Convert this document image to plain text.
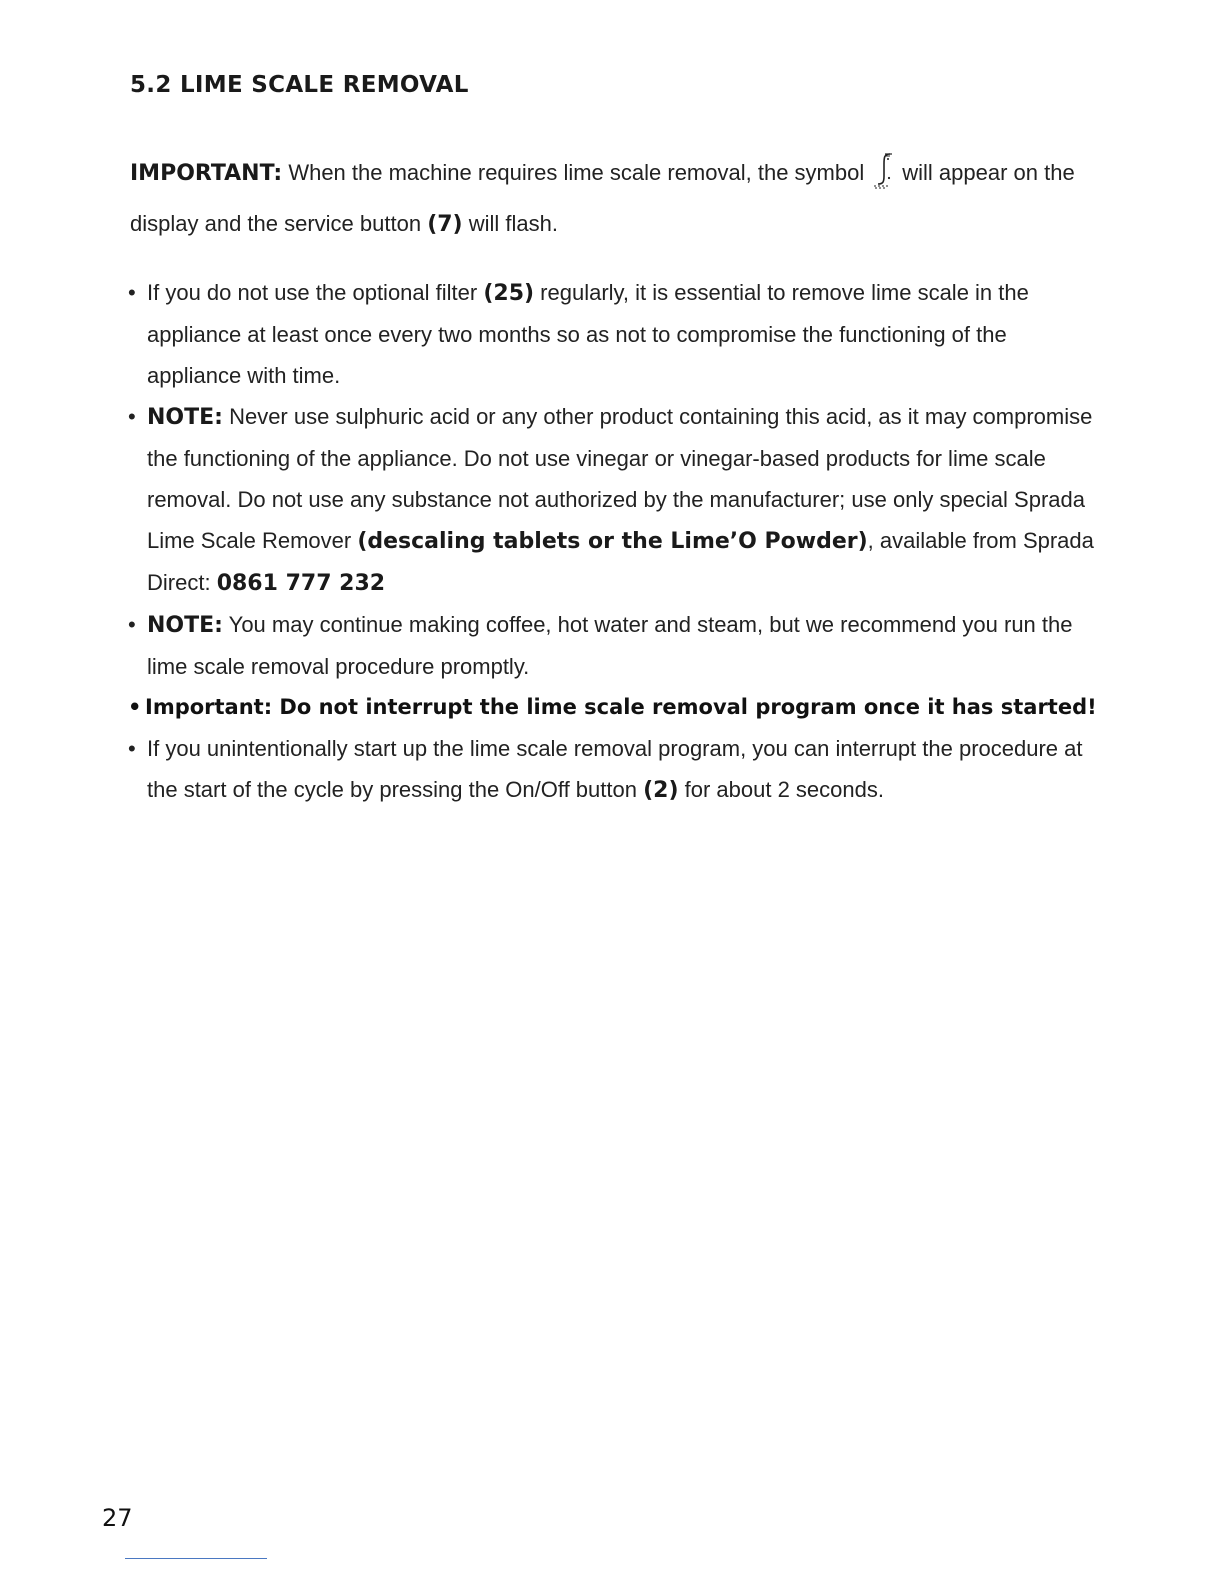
5.2 LIME SCALE REMOVAL
IMPORTANT: When the machine requires lime scale removal, the symbol will appear on the display and the service button (7) will flash.
• If you do not use the optional filter (25) regularly, it is essential to remove lime scale in the appliance at least once every two months so as not to compromise the functioning of the appliance with time.
• NOTE: Never use sulphuric acid or any other product containing this acid, as it may compromise the functioning of the appliance. Do not use vinegar or vinegar-based products for lime scale removal. Do not use any substance not authorized by the manufacturer; use only special Sprada Lime Scale Remover (descaling tablets or the Lime’O Powder), available from Sprada Direct: 0861 777 232
• NOTE: You may continue making coffee, hot water and steam, but we recommend you run the lime scale removal procedure promptly.
• Important: Do not interrupt the lime scale removal program once it has started!
• If you unintentionally start up the lime scale removal program, you can interrupt the procedure at the start of the cycle by pressing the On/Off button (2) for about 2 seconds.
27
